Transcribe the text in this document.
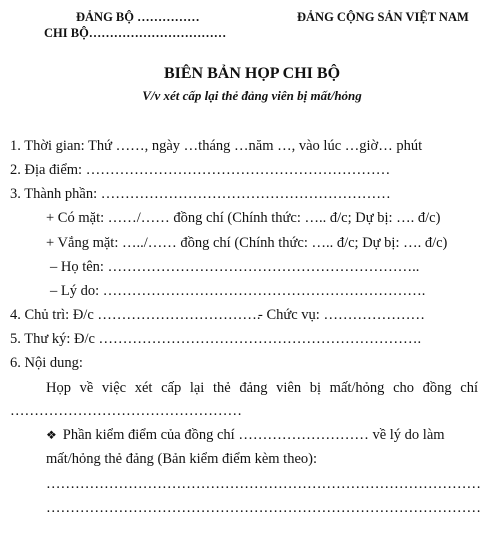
ĐẢNG BỘ ……………
CHI BỘ……………………………
ĐẢNG CỘNG SẢN VIỆT NAM
BIÊN BẢN HỌP CHI BỘ
V/v xét cấp lại thẻ đảng viên bị mất/hỏng
1. Thời gian: Thứ ……, ngày …tháng …năm …, vào lúc …giờ… phút
2. Địa điểm: ………………………………………………………
3. Thành phần: ……………………………………………………
+ Có mặt: ……/…… đồng chí (Chính thức: ….. đ/c; Dự bị: …. đ/c)
+ Vắng mặt: …../…… đồng chí (Chính thức: ….. đ/c; Dự bị: …. đ/c)
– Họ tên: ………………………………………………………..
– Lý do: ………………………………………………………….
4. Chủ trì: Đ/c …………………………….
- Chức vụ: …………………
5. Thư ký: Đ/c ………………………………………………………….
6. Nội dung:
Họp về việc xét cấp lại thẻ đảng viên bị mất/hỏng cho đồng chí
…………………………………………
❖ Phần kiểm điểm của đồng chí ……………………… về lý do làm
mất/hỏng thẻ đảng (Bản kiểm điểm kèm theo):
………………………………………………………………………………
………………………………………………………………………………
